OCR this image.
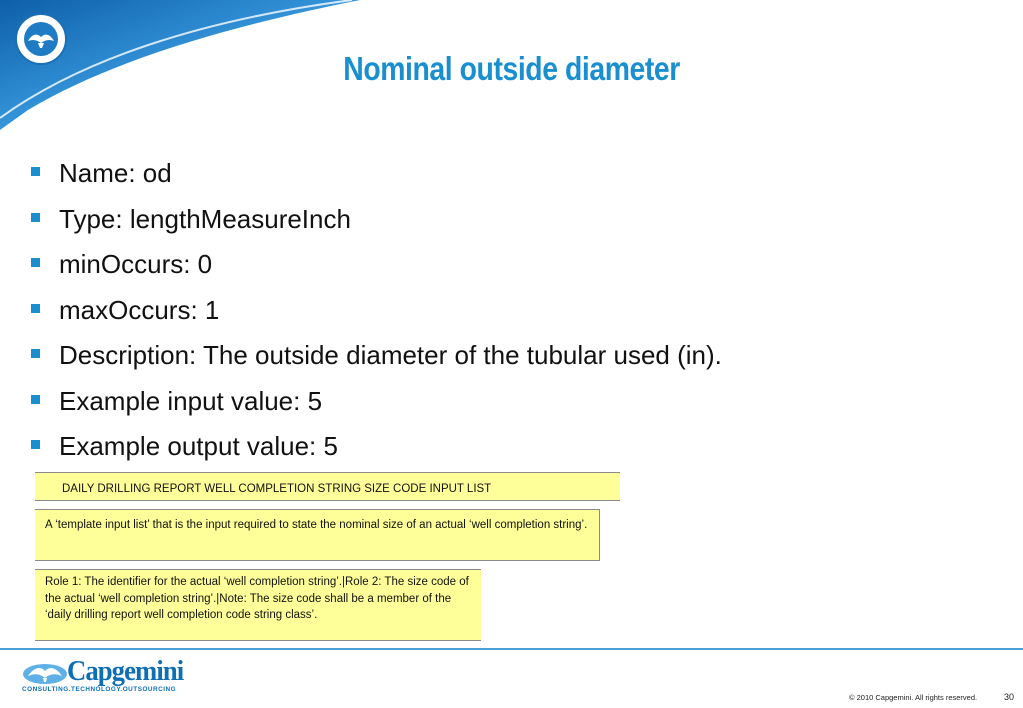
Nominal outside diameter
Name: od
Type: lengthMeasureInch
minOccurs: 0
maxOccurs: 1
Description: The outside diameter of the tubular used (in).
Example input value: 5
Example output value: 5
DAILY DRILLING REPORT WELL COMPLETION STRING SIZE CODE INPUT LIST
A ‘template input list’ that is the input required to state the nominal size of an actual ‘well completion string’.
Role 1: The identifier for the actual ‘well completion string’.|Role 2: The size code of the actual ‘well completion string’.|Note: The size code shall be a member of the ‘daily drilling report well completion code string class’.
Capgemini
CONSULTING.TECHNOLOGY.OUTSOURCING
© 2010 Capgemini. All rights reserved.	30
